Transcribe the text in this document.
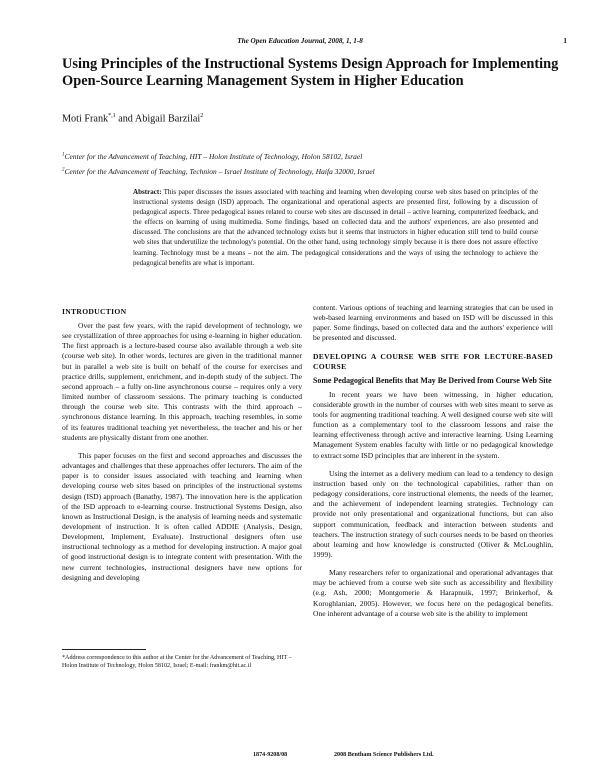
The Open Education Journal, 2008, 1, 1-8	1
Using Principles of the Instructional Systems Design Approach for Implementing Open-Source Learning Management System in Higher Education
Moti Frank$^{*,1}$ and Abigail Barzilai$^2$
$^1$Center for the Advancement of Teaching, HIT – Holon Institute of Technology, Holon 58102, Israel
$^2$Center for the Advancement of Teaching, Technion – Israel Institute of Technology, Haifa 32000, Israel

Abstract: This paper discusses the issues associated with teaching and learning when developing course web sites based on principles of the instructional systems design (ISD) approach. The organizational and operational aspects are presented first, following by a discussion of pedagogical aspects. Three pedagogical issues related to course web sites are discussed in detail – active learning, computerized feedback, and the effects on learning of using multimedia. Some findings, based on collected data and the authors' experiences, are also presented and discussed. The conclusions are that the advanced technology exists but it seems that instructors in higher education still tend to build course web sites that underutilize the technology's potential. On the other hand, using technology simply because it is there does not assure effective learning. Technology must be a means – not the aim. The pedagogical considerations and the ways of using the technology to achieve the pedagogical benefits are what is important.

INTRODUCTION

Over the past few years, with the rapid development of technology, we see crystallization of three approaches for using e-learning in higher education. The first approach is a lecture-based course also available through a web site (course web site). In other words, lectures are given in the traditional manner but in parallel a web site is built on behalf of the course for exercises and practice drills, supplement, enrichment, and in-depth study of the subject. The second approach – a fully on-line asynchronous course – requires only a very limited number of classroom sessions. The primary teaching is conducted through the course web site. This contrasts with the third approach – synchronous distance learning. In this approach, teaching resembles, in some of its features traditional teaching yet nevertheless, the teacher and his or her students are physically distant from one another.

This paper focuses on the first and second approaches and discusses the advantages and challenges that these approaches offer lecturers. The aim of the paper is to consider issues associated with teaching and learning when developing course web sites based on principles of the instructional systems design (ISD) approach (Banathy, 1987). The innovation here is the application of the ISD approach to e-learning course. Instructional Systems Design, also known as Instructional Design, is the analysis of learning needs and systematic development of instruction. It is often called ADDIE (Analysis, Design, Development, Implement, Evaluate). Instructional designers often use instructional technology as a method for developing instruction. A major goal of good instructional design is to integrate content with presentation. With the new current technologies, instructional designers have new options for designing and developing

*Address correspondence to this author at the Center for the Advancement of Teaching, HIT – Holon Institute of Technology, Holon 58102, Israel; E-mail: frankm@hit.ac.il

content. Various options of teaching and learning strategies that can be used in web-based learning environments and based on ISD will be discussed in this paper. Some findings, based on collected data and the authors' experience will be presented and discussed.

DEVELOPING A COURSE WEB SITE FOR LECTURE-BASED COURSE
Some Pedagogical Benefits that May Be Derived from Course Web Site

In recent years we have been witnessing, in higher education, considerable growth in the number of courses with web sites meant to serve as tools for augmenting traditional teaching. A well designed course web site will function as a complementary tool to the classroom lessons and raise the learning effectiveness through active and interactive learning. Using Learning Management System enables faculty with little or no pedagogical knowledge to extract some ISD principles that are inherent in the system.

Using the internet as a delivery medium can lead to a tendency to design instruction based only on the technological capabilities, rather than on pedagogy considerations, core instructional elements, the needs of the learner, and the achievement of independent learning strategies. Technology can provide not only presentational and organizational functions, but can also support communication, feedback and interaction between students and teachers. The instruction strategy of such courses needs to be based on theories about learning and how knowledge is constructed (Oliver & McLoughlin, 1999).

Many researchers refer to organizational and operational advantages that may be achieved from a course web site such as accessibility and flexibility (e.g. Ash, 2000; Montgomerie & Harapnuik, 1997; Brinkerhof, & Koroghlanian, 2005). However, we focus here on the pedagogical benefits. One inherent advantage of a course web site is the ability to implement

1874-9208/08	2008 Bentham Science Publishers Ltd.
